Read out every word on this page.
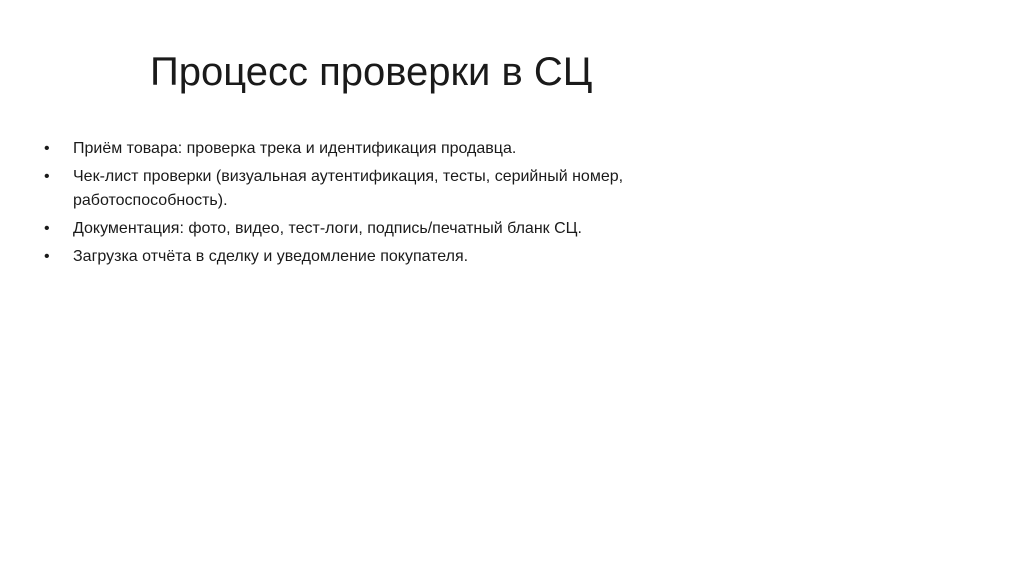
Процесс проверки в СЦ
• Приём товара: проверка трека и идентификация продавца.
• Чек-лист проверки (визуальная аутентификация, тесты, серийный номер, работоспособность).
• Документация: фото, видео, тест-логи, подпись/печатный бланк СЦ.
• Загрузка отчёта в сделку и уведомление покупателя.
